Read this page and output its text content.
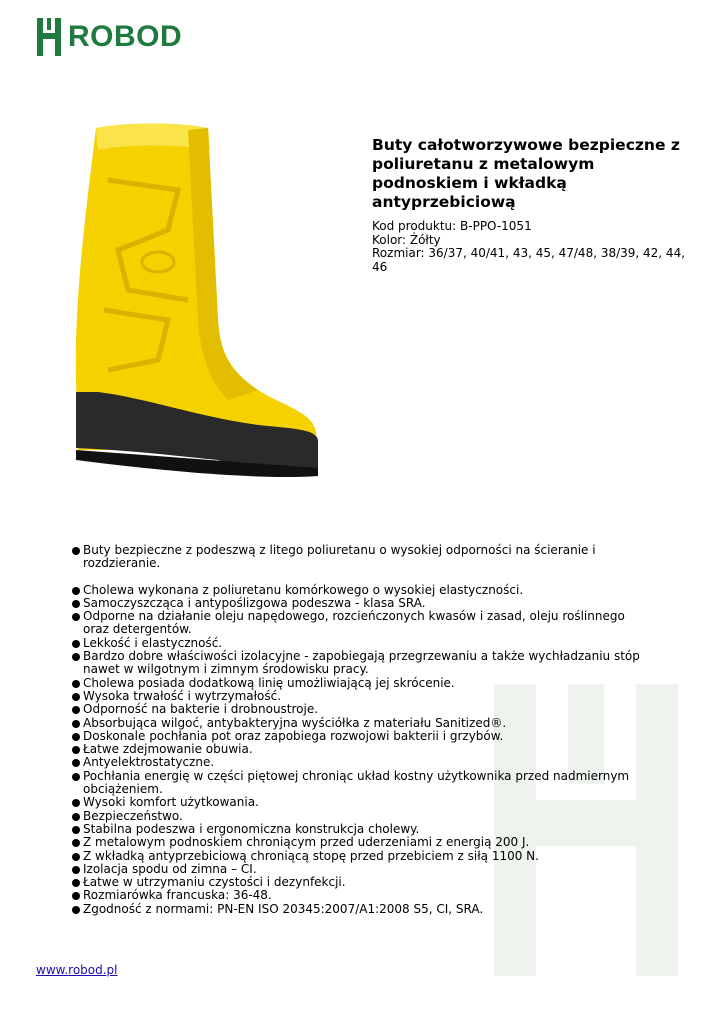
ROBOD
Buty całotworzywowe bezpieczne z poliuretanu z metalowym podnoskiem i wkładką antyprzebiciową
Kod produktu: B-PPO-1051
Kolor: Żółty
Rozmiar: 36/37, 40/41, 43, 45, 47/48, 38/39, 42, 44, 46
Buty bezpieczne z podeszwą z litego poliuretanu o wysokiej odporności na ścieranie i rozdzieranie.
Cholewa wykonana z poliuretanu komórkowego o wysokiej elastyczności.
Samoczyszcząca i antypoślizgowa podeszwa - klasa SRA.
Odporne na działanie oleju napędowego, rozcieńczonych kwasów i zasad, oleju roślinnego oraz detergentów.
Lekkość i elastyczność.
Bardzo dobre właściwości izolacyjne - zapobiegają przegrzewaniu a także wychładzaniu stóp nawet w wilgotnym i zimnym środowisku pracy.
Cholewa posiada dodatkową linię umożliwiającą jej skrócenie.
Wysoka trwałość i wytrzymałość.
Odporność na bakterie i drobnoustroje.
Absorbująca wilgoć, antybakteryjna wyściółka z materiału Sanitized®.
Doskonale pochłania pot oraz zapobiega rozwojowi bakterii i grzybów.
Łatwe zdejmowanie obuwia.
Antyelektrostatyczne.
Pochłania energię w części piętowej chroniąc układ kostny użytkownika przed nadmiernym obciążeniem.
Wysoki komfort użytkowania.
Bezpieczeństwo.
Stabilna podeszwa i ergonomiczna konstrukcja cholewy.
Z metalowym podnoskiem chroniącym przed uderzeniami z energią 200 J.
Z wkładką antyprzebiciową chroniącą stopę przed przebiciem z siłą 1100 N.
Izolacja spodu od zimna – CI.
Łatwe w utrzymaniu czystości i dezynfekcji.
Rozmiarówka francuska: 36-48.
Zgodność z normami: PN-EN ISO 20345:2007/A1:2008 S5, CI, SRA.
www.robod.pl
